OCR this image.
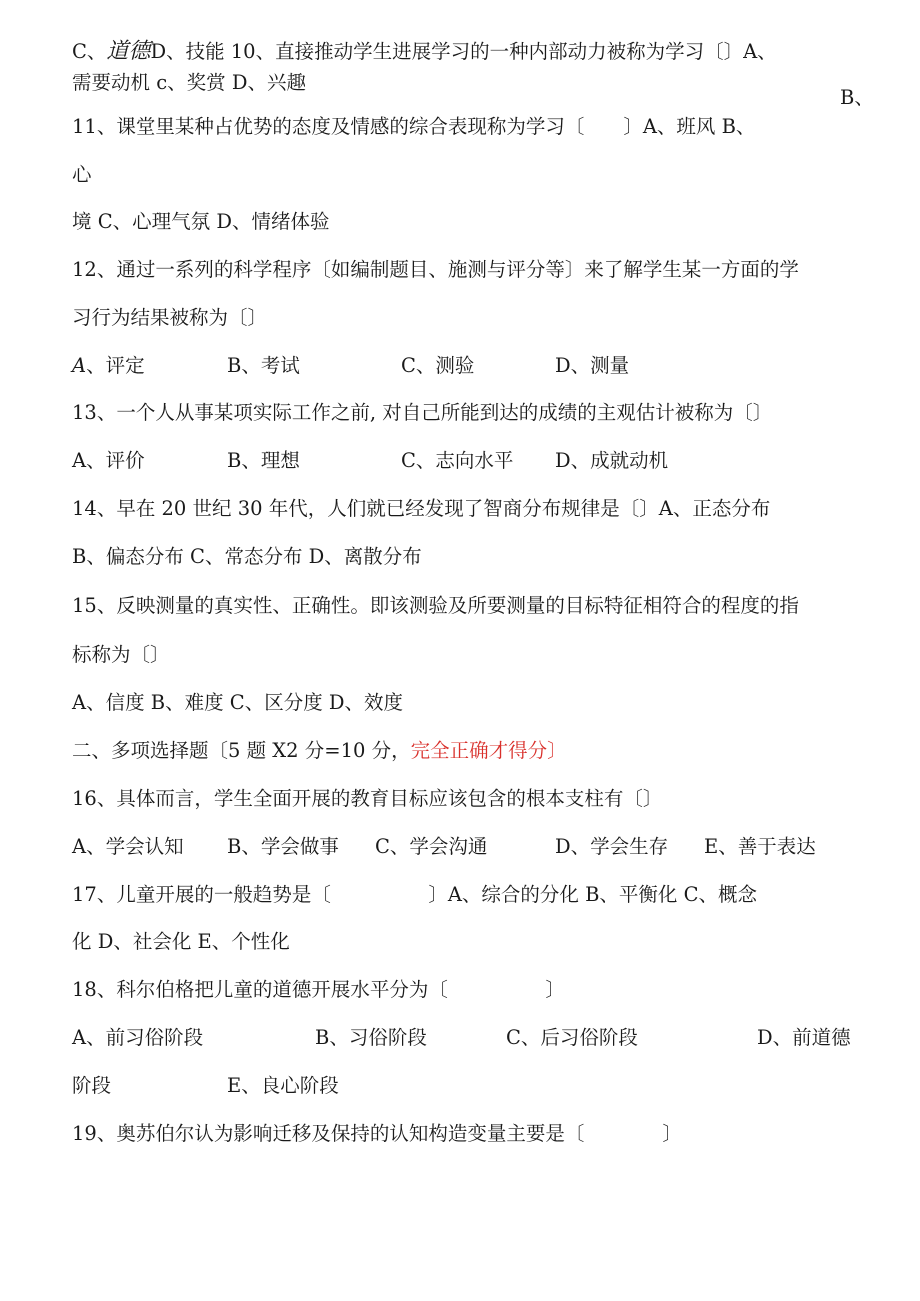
C、道德D、技能 10、直接推动学生进展学习的一种内部动力被称为学习〔〕A、
需要动机 c、奖赏 D、兴趣
B、
11、课堂里某种占优势的态度及情感的综合表现称为学习〔　　〕A、班风 B、
心
境 C、心理气氛 D、情绪体验
12、通过一系列的科学程序〔如编制题目、施测与评分等〕来了解学生某一方面的学
习行为结果被称为〔〕
A、评定	B、考试	C、测验	D、测量
13、一个人从事某项实际工作之前, 对自己所能到达的成绩的主观估计被称为〔〕
A、评价	B、理想	C、志向水平 D、成就动机
14、早在 20 世纪 30 年代，人们就已经发现了智商分布规律是〔〕A、正态分布
B、偏态分布 C、常态分布 D、离散分布
15、反映测量的真实性、正确性。即该测验及所要测量的目标特征相符合的程度的指
标称为〔〕
A、信度 B、难度 C、区分度 D、效度
二、多项选择题〔5 题 X2 分=10 分，完全正确才得分〕
16、具体而言，学生全面开展的教育目标应该包含的根本支柱有〔〕
A、学会认知 B、学会做事 C、学会沟通	D、学会生存 E、善于表达
17、儿童开展的一般趋势是〔　　　　　〕A、综合的分化 B、平衡化 C、概念
化 D、社会化 E、个性化
18、科尔伯格把儿童的道德开展水平分为〔　　　　　〕
A、前习俗阶段	B、习俗阶段	C、后习俗阶段	D、前道德
阶段	E、良心阶段
19、奥苏伯尔认为影响迁移及保持的认知构造变量主要是〔　　　　〕
